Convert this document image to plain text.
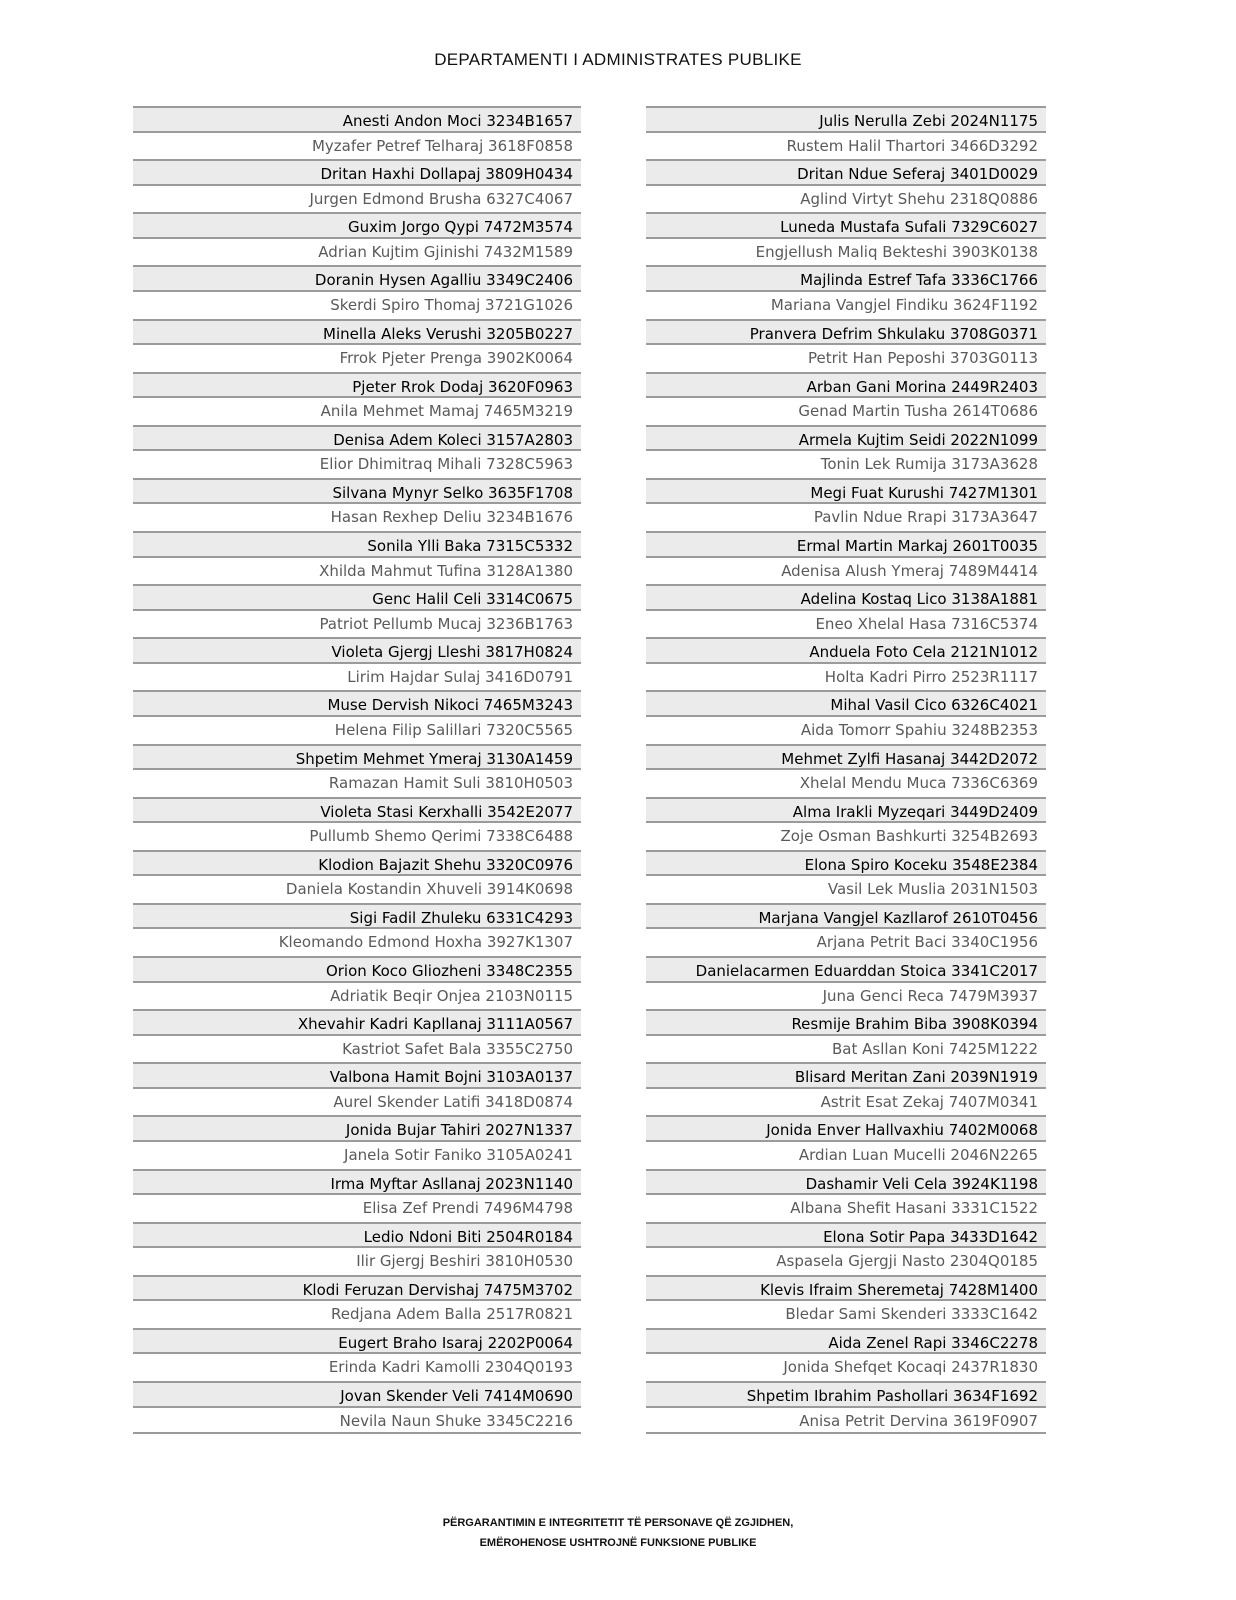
DEPARTAMENTI I ADMINISTRATES PUBLIKE
Anesti Andon Moci 3234B1657
Myzafer Petref Telharaj 3618F0858
Dritan Haxhi Dollapaj 3809H0434
Jurgen Edmond Brusha 6327C4067
Guxim Jorgo Qypi 7472M3574
Adrian Kujtim Gjinishi 7432M1589
Doranin Hysen Agalliu 3349C2406
Skerdi Spiro Thomaj 3721G1026
Minella Aleks Verushi 3205B0227
Frrok Pjeter Prenga 3902K0064
Pjeter Rrok Dodaj 3620F0963
Anila Mehmet Mamaj 7465M3219
Denisa Adem Koleci 3157A2803
Elior Dhimitraq Mihali 7328C5963
Silvana Mynyr Selko 3635F1708
Hasan Rexhep Deliu 3234B1676
Sonila Ylli Baka 7315C5332
Xhilda Mahmut Tufina 3128A1380
Genc Halil Celi 3314C0675
Patriot Pellumb Mucaj 3236B1763
Violeta Gjergj Lleshi 3817H0824
Lirim Hajdar Sulaj 3416D0791
Muse Dervish Nikoci 7465M3243
Helena Filip Salillari 7320C5565
Shpetim Mehmet Ymeraj 3130A1459
Ramazan Hamit Suli 3810H0503
Violeta Stasi Kerxhalli 3542E2077
Pullumb Shemo Qerimi 7338C6488
Klodion Bajazit Shehu 3320C0976
Daniela Kostandin Xhuveli 3914K0698
Sigi Fadil Zhuleku 6331C4293
Kleomando Edmond Hoxha 3927K1307
Orion Koco Gliozheni 3348C2355
Adriatik Beqir Onjea 2103N0115
Xhevahir Kadri Kapllanaj 3111A0567
Kastriot Safet Bala 3355C2750
Valbona Hamit Bojni 3103A0137
Aurel Skender Latifi 3418D0874
Jonida Bujar Tahiri 2027N1337
Janela Sotir Faniko 3105A0241
Irma Myftar Asllanaj 2023N1140
Elisa Zef Prendi 7496M4798
Ledio Ndoni Biti 2504R0184
Ilir Gjergj Beshiri 3810H0530
Klodi Feruzan Dervishaj 7475M3702
Redjana Adem Balla 2517R0821
Eugert Braho Isaraj 2202P0064
Erinda Kadri Kamolli 2304Q0193
Jovan Skender Veli 7414M0690
Nevila Naun Shuke 3345C2216
Julis Nerulla Zebi 2024N1175
Rustem Halil Thartori 3466D3292
Dritan Ndue Seferaj 3401D0029
Aglind Virtyt Shehu 2318Q0886
Luneda Mustafa Sufali 7329C6027
Engjellush Maliq Bekteshi 3903K0138
Majlinda Estref Tafa 3336C1766
Mariana Vangjel Findiku 3624F1192
Pranvera Defrim Shkulaku 3708G0371
Petrit Han Peposhi 3703G0113
Arban Gani Morina 2449R2403
Genad Martin Tusha 2614T0686
Armela Kujtim Seidi 2022N1099
Tonin Lek Rumija 3173A3628
Megi Fuat Kurushi 7427M1301
Pavlin Ndue Rrapi 3173A3647
Ermal Martin Markaj 2601T0035
Adenisa Alush Ymeraj 7489M4414
Adelina Kostaq Lico 3138A1881
Eneo Xhelal Hasa 7316C5374
Anduela Foto Cela 2121N1012
Holta Kadri Pirro 2523R1117
Mihal Vasil Cico 6326C4021
Aida Tomorr Spahiu 3248B2353
Mehmet Zylfi Hasanaj 3442D2072
Xhelal Mendu Muca 7336C6369
Alma Irakli Myzeqari 3449D2409
Zoje Osman Bashkurti 3254B2693
Elona Spiro Koceku 3548E2384
Vasil Lek Muslia 2031N1503
Marjana Vangjel Kazllarof 2610T0456
Arjana Petrit Baci 3340C1956
Danielacarmen Eduarddan Stoica 3341C2017
Juna Genci Reca 7479M3937
Resmije Brahim Biba 3908K0394
Bat Asllan Koni 7425M1222
Blisard Meritan Zani 2039N1919
Astrit Esat Zekaj 7407M0341
Jonida Enver Hallvaxhiu 7402M0068
Ardian Luan Mucelli 2046N2265
Dashamir Veli Cela 3924K1198
Albana Shefit Hasani 3331C1522
Elona Sotir Papa 3433D1642
Aspasela Gjergji Nasto 2304Q0185
Klevis Ifraim Sheremetaj 7428M1400
Bledar Sami Skenderi 3333C1642
Aida Zenel Rapi 3346C2278
Jonida Shefqet Kocaqi 2437R1830
Shpetim Ibrahim Pashollari 3634F1692
Anisa Petrit Dervina 3619F0907
PËRGARANTIMIN E INTEGRITETIT TË PERSONAVE QË ZGJIDHEN,
EMËROHENOSE USHTROJNË FUNKSIONE PUBLIKE
